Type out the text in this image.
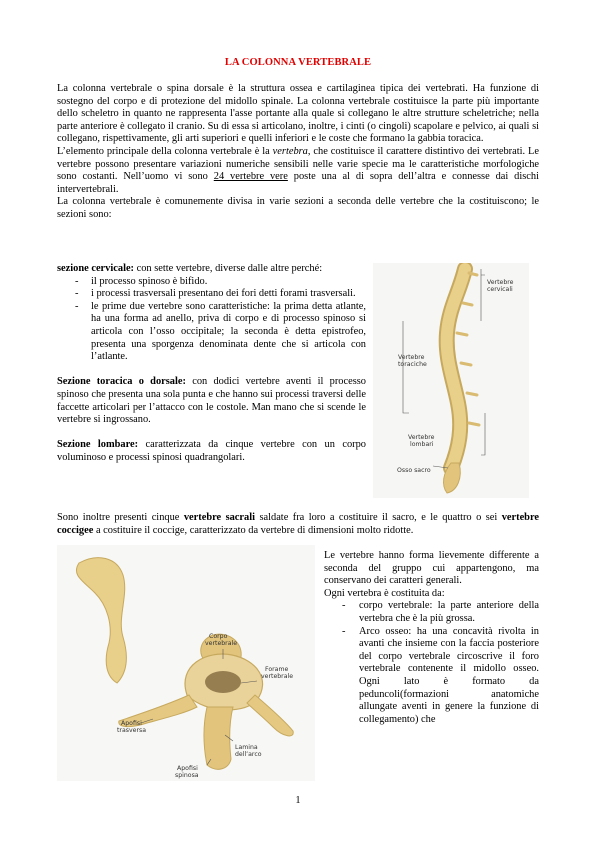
LA COLONNA VERTEBRALE

La colonna vertebrale o spina dorsale è la struttura ossea e cartilaginea tipica dei vertebrati. Ha funzione di sostegno del corpo e di protezione del midollo spinale. La colonna vertebrale costituisce la parte più importante dello scheletro in quanto ne rappresenta l'asse portante alla quale si collegano le altre strutture scheletriche; nella parte anteriore è collegato il cranio. Su di essa si articolano, inoltre, i cinti (o cingoli) scapolare e pelvico, ai quali si collegano, rispettivamente, gli arti superiori e quelli inferiori e le coste che formano la gabbia toracica.

L’elemento principale della colonna vertebrale è la vertebra, che costituisce il carattere distintivo dei vertebrati. Le vertebre possono presentare variazioni numeriche sensibili nelle varie specie ma le caratteristiche morfologiche sono costanti. Nell’uomo vi sono 24 vertebre vere poste una al di sopra dell’altra e connesse dai dischi intervertebrali.

La colonna vertebrale è comunemente divisa in varie sezioni a seconda delle vertebre che la costituiscono; le sezioni sono:

sezione cervicale: con sette vertebre, diverse dalle altre perché:

- il processo spinoso è bifido.
- i processi trasversali presentano dei fori detti forami trasversali.
- le prime due vertebre sono caratteristiche: la prima detta atlante, ha una forma ad anello, priva di corpo e di processo spinoso si articola con l’osso occipitale; la seconda è detta epistrofeo, presenta una sporgenza denominata dente che si articola con l’atlante.

Sezione toracica o dorsale: con dodici vertebre aventi il processo spinoso che presenta una sola punta e che hanno sui processi traversi delle faccette articolari per l’attacco con le costole. Man mano che si scende le vertebre si ingrossano.

Sezione lombare: caratterizzata da cinque vertebre con un corpo voluminoso e processi spinosi quadrangolari.

Vertebre
cervicali
Vertebre
toraciche
Vertebre
lombari
Osso sacro

Sono inoltre presenti cinque vertebre sacrali saldate fra loro a costituire il sacro, e le quattro o sei vertebre coccigee a costituire il coccige, caratterizzato da vertebre di dimensioni molto ridotte.

Corpo
vertebrale
Forame
vertebrale
Apofisi
trasversa
Lamina
dell’arco
Apofisi
spinosa

Le vertebre hanno forma lievemente differente a seconda del gruppo cui appartengono, ma conservano dei caratteri generali.

Ogni vertebra è costituita da:

- corpo vertebrale: la parte anteriore della vertebra che è la più grossa.
- Arco osseo: ha una concavità rivolta in avanti che insieme con la faccia posteriore del corpo vertebrale circoscrive il foro vertebrale contenente il midollo osseo. Ogni lato è formato da peduncoli(formazioni anatomiche allungate aventi in genere la funzione di collegamento) che
1
